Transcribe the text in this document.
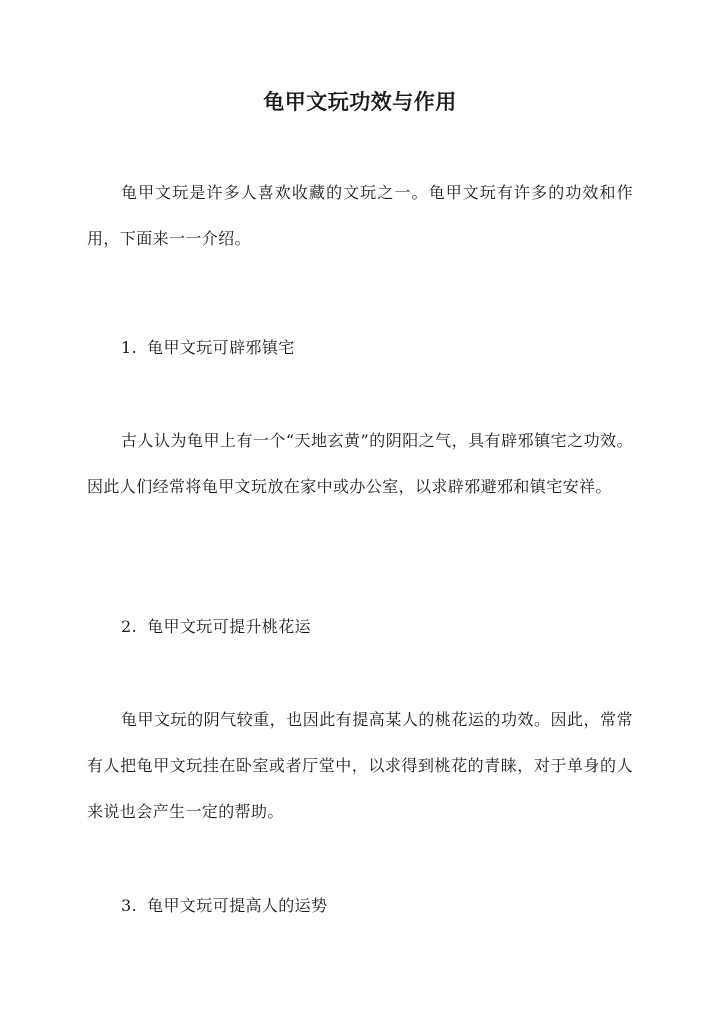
龟甲文玩功效与作用

龟甲文玩是许多人喜欢收藏的文玩之一。龟甲文玩有许多的功效和作用，下面来一一介绍。

1. 龟甲文玩可辟邪镇宅

古人认为龟甲上有一个“天地玄黄”的阴阳之气，具有辟邪镇宅之功效。因此人们经常将龟甲文玩放在家中或办公室，以求辟邪避邪和镇宅安祥。

2. 龟甲文玩可提升桃花运

龟甲文玩的阴气较重，也因此有提高某人的桃花运的功效。因此，常常有人把龟甲文玩挂在卧室或者厅堂中，以求得到桃花的青睐，对于单身的人来说也会产生一定的帮助。

3. 龟甲文玩可提高人的运势
